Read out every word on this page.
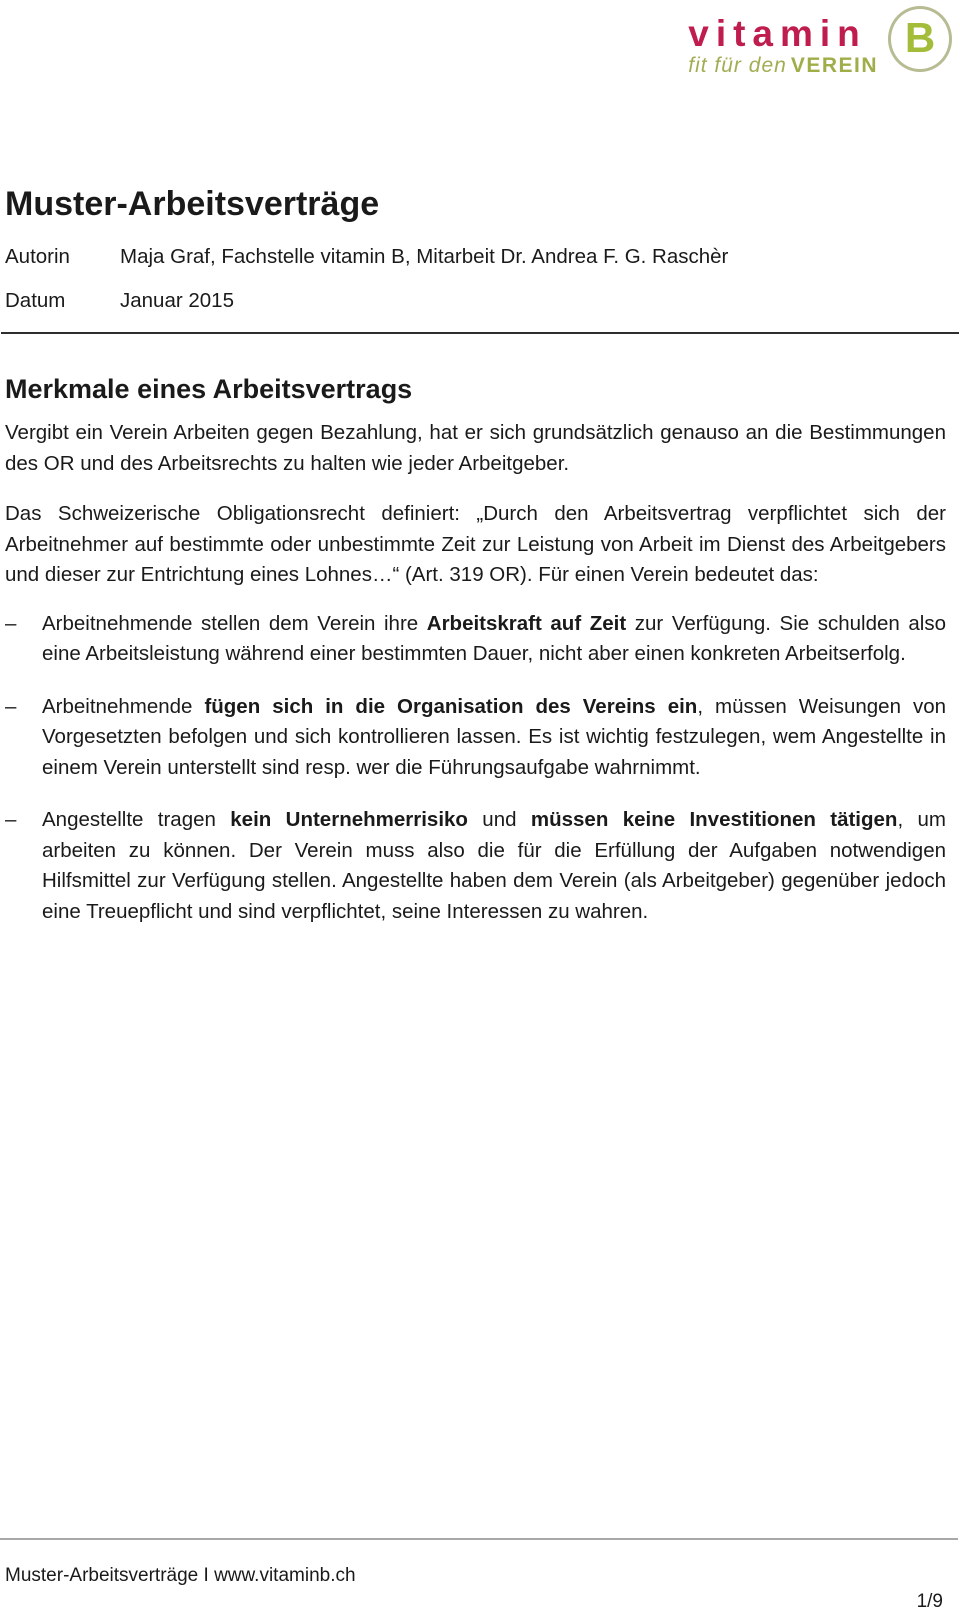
vitamin
fit für den VEREIN
B
Muster-Arbeitsverträge
Autorin	Maja Graf, Fachstelle vitamin B, Mitarbeit Dr. Andrea F. G. Raschèr
Datum	Januar 2015
Merkmale eines Arbeitsvertrags

Vergibt ein Verein Arbeiten gegen Bezahlung, hat er sich grundsätzlich genauso an die Bestimmungen des OR und des Arbeitsrechts zu halten wie jeder Arbeitgeber.

Das Schweizerische Obligationsrecht definiert: „Durch den Arbeitsvertrag verpflichtet sich der Arbeitnehmer auf bestimmte oder unbestimmte Zeit zur Leistung von Arbeit im Dienst des Arbeitgebers und dieser zur Entrichtung eines Lohnes…“ (Art. 319 OR). Für einen Verein bedeutet das:

–	Arbeitnehmende stellen dem Verein ihre Arbeitskraft auf Zeit zur Verfügung. Sie schulden also eine Arbeitsleistung während einer bestimmten Dauer, nicht aber einen konkreten Arbeitserfolg.
–	Arbeitnehmende fügen sich in die Organisation des Vereins ein, müssen Weisungen von Vorgesetzten befolgen und sich kontrollieren lassen. Es ist wichtig festzulegen, wem Angestellte in einem Verein unterstellt sind resp. wer die Führungsaufgabe wahrnimmt.
–	Angestellte tragen kein Unternehmerrisiko und müssen keine Investitionen tätigen, um arbeiten zu können. Der Verein muss also die für die Erfüllung der Aufgaben notwendigen Hilfsmittel zur Verfügung stellen. Angestellte haben dem Verein (als Arbeitgeber) gegenüber jedoch eine Treuepflicht und sind verpflichtet, seine Interessen zu wahren.
Muster-Arbeitsverträge I www.vitaminb.ch
1/9
